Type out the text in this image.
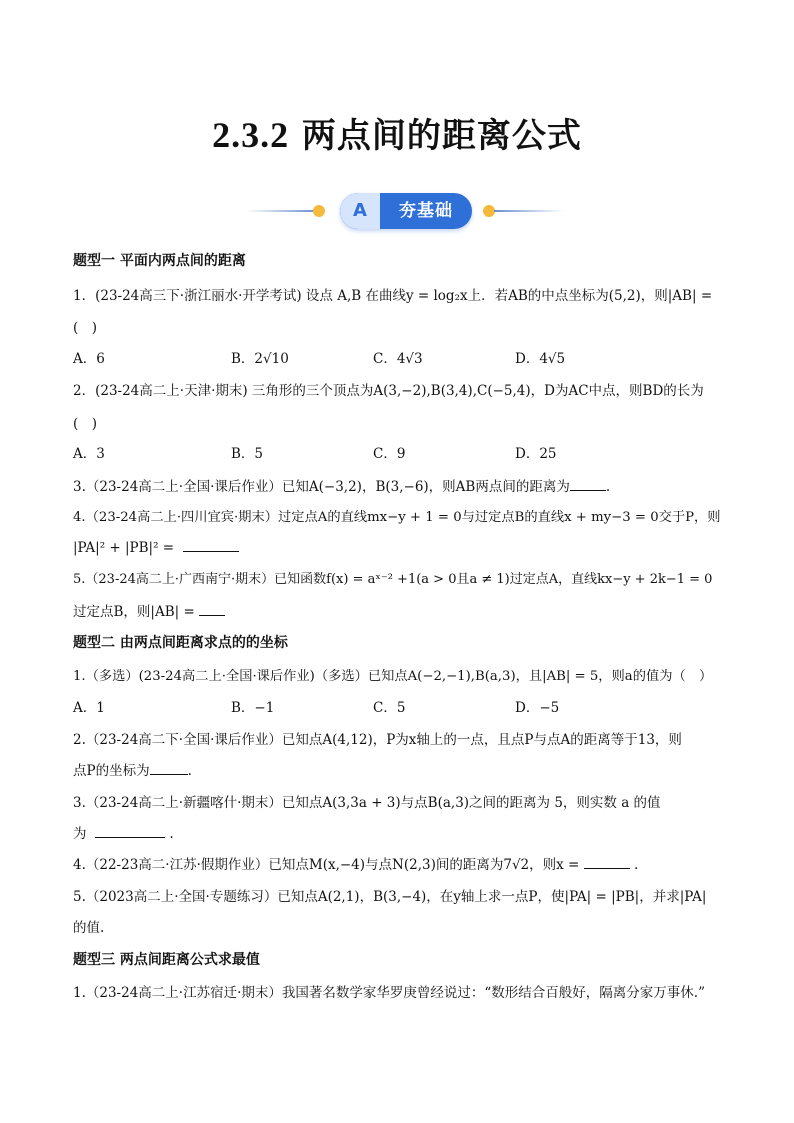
2.3.2 两点间的距离公式
A	夯基础
题型一 平面内两点间的距离
1．(23-24高三下·浙江丽水·开学考试) 设点 A,B 在曲线y = log₂x上．若AB的中点坐标为(5,2)，则|AB| =
(　)
A．6	B．2√10	C．4√3	D．4√5
2．(23-24高二上·天津·期末) 三角形的三个顶点为A(3,−2),B(3,4),C(−5,4)，D为AC中点，则BD的长为
(　)
A．3	B．5	C．9	D．25
3.（23-24高二上·全国·课后作业）已知A(−3,2)，B(3,−6)，则AB两点间的距离为	.
4.（23-24高二上·四川宜宾·期末）过定点A的直线mx−y + 1 = 0与过定点B的直线x + my−3 = 0交于P，则
|PA|² + |PB|² =
5.（23-24高二上·广西南宁·期末）已知函数f(x) = aˣ⁻² +1(a > 0且a ≠ 1)过定点A，直线kx−y + 2k−1 = 0
过定点B，则|AB| =
题型二 由两点间距离求点的的坐标
1.（多选）(23-24高二上·全国·课后作业)（多选）已知点A(−2,−1),B(a,3)，且|AB| = 5，则a的值为（　）
A．1	B．−1	C．5	D．−5
2.（23-24高二下·全国·课后作业）已知点A(4,12)，P为x轴上的一点，且点P与点A的距离等于13，则
点P的坐标为	.
3.（23-24高二上·新疆喀什·期末）已知点A(3,3a + 3)与点B(a,3)之间的距离为 5，则实数 a 的值
为	.
4.（22-23高二·江苏·假期作业）已知点M(x,−4)与点N(2,3)间的距离为7√2，则x =	.
5.（2023高二上·全国·专题练习）已知点A(2,1)，B(3,−4)，在y轴上求一点P，使|PA| = |PB|，并求|PA|
的值.
题型三 两点间距离公式求最值
1.（23-24高二上·江苏宿迁·期末）我国著名数学家华罗庚曾经说过：“数形结合百般好，隔离分家万事休.”
